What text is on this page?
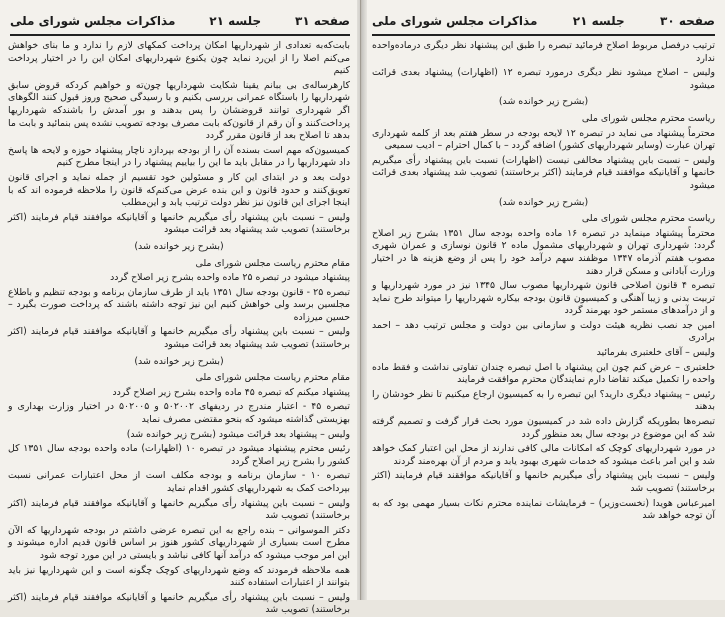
صفحه ۳۱
جلسه ۲۱
مذاکرات مجلس شورای ملی

بابت‌که‌به تعدادی از شهرداریها امکان پرداخت کمکهای لازم را ندارد و ما بنای خواهش می‌کنم اصلا را از این‌رد نماید چون یکنوع شهرداریهای امکان این را در اختیار پرداخت کنیم

کارهرساله‌ی بی ببانم یقینا شکایت شهرداریها چون‌ته و خواهیم کرد‌که قروض سابق شهرداریها را باستگاه عمرانی بررسی بکنیم و با رسیدگی صحیح وروز قبول کنند الگوهای اگر شهرداری توانند قروضشان را پس بدهند و بور آمدش را باشند‌که شهرداریها پرداخت‌کنند و آن رقم از قانون‌که بابت مصرف بودجه تصویب نشده پس بنمائید و بابت ما بدهد تا اصلاح بعد از قانون مقرر گردد

کمیسیون‌که مهم است بسنده آن را از بودجه بپردازد ناچار پیشنهاد حوزه و لایحه ها پاسخ داد شهرداریها را در مقابل باید ما این‌ را بیاییم پیشنهاد را در اینجا مطرح کنیم

دولت بعد و در ابتدای این کار و مسئولین خود تقسیم از جمله نماید و اجرای قانون تعویق‌کنند و حدود قانون و این بنده عرض می‌کنم‌که قانون را ملاحظه فرموده اند که با اینجا اجرای این قانون نیز نظر دولت ترتیب یابد و این‌مطلب

ولیس – نسبت باین پیشنهاد رأی میگیریم خانمها و آقایانیکه موافقند قیام فرمایند (اکثر برخاستند) تصویب شد پیشنهاد بعد قرائت میشود

(بشرح زیر خوانده شد)

مقام محترم ریاست مجلس شورای ملی

پیشنهاد میشود در تبصره ۲۵ ماده واحده بشرح زیر اصلاح گردد

تبصره ۲۵ - قانون بودجه سال ۱۳۵۱ باید از طرف سازمان برنامه و بودجه تنظیم و باطلاع مجلسین برسد ولی خواهش کنیم این نیز توجه داشته باشند که پرداخت صورت بگیرد – حسین میرزاده

ولیس – نسبت باین پیشنهاد رأی میگیریم خانمها و آقایانیکه موافقند قیام فرمایند (اکثر برخاستند) تصویب شد پیشنهاد بعد قرائت میشود

(بشرح زیر خوانده شد)

مقام محترم ریاست مجلس شورای ملی

پیشنهاد میکنم که تبصره ۴۵ ماده واحده بشرح زیر اصلاح گردد

تبصره ۴۵ - اعتبار مندرج در ردیفهای ۵۰۲۰۰۲ و ۵۰۲۰۰۵ در اختیار وزارت بهداری و بهزیستی گذاشته میشود که بنحو مقتضی مصرف نماید

ولیس – پیشنهاد بعد قرائت میشود (بشرح زیر خوانده شد)

رئیس محترم پیشنهاد میشود در تبصره ۱۰ (اظهارات) ماده واحده بودجه سال ۱۳۵۱ کل کشور را بشرح زیر اصلاح گردد

تبصره ۱۰ - سازمان برنامه و بودجه مکلف است از محل اعتبارات عمرانی نسبت بپرداخت کمک به شهرداریهای کشور اقدام نماید

ولیس – نسبت باین پیشنهاد رأی میگیریم خانمها و آقایانیکه موافقند قیام فرمایند (اکثر برخاستند) تصویب شد

دکتر الموسوانی – بنده راجع به این تبصره عرضی داشتم در بودجه شهرداریها که الآن مطرح است بسیاری از شهرداریهای کشور هنوز بر اساس قانون قدیم اداره میشوند و این امر موجب میشود که درآمد آنها کافی نباشد و بایستی در این مورد توجه شود

همه ملاحظه فرمودند که وضع شهرداریهای کوچک چگونه است و این شهرداریها نیز باید بتوانند از اعتبارات استفاده کنند

ولیس – نسبت باین پیشنهاد رأی میگیریم خانمها و آقایانیکه موافقند قیام فرمایند (اکثر برخاستند) تصویب شد

صفحه ۳۰
جلسه ۲۱
مذاکرات مجلس شورای ملی

ترتیب درفصل مربوط اصلاح فرمائید تبصره را طبق این پیشنهاد نظر دیگری درماده‌واحده ندارد

ولیس – اصلاح میشود نظر دیگری درمورد تبصره ۱۲ (اظهارات) پیشنهاد بعدی قرائت میشود

(بشرح زیر خوانده شد)

ریاست محترم مجلس شورای ملی

محترماً پیشنهاد می نماید در تبصره ۱۲ لایحه بودجه در سطر هفتم بعد از کلمه شهرداری تهران عبارت (وسایر شهرداریهای کشور) اضافه گردد – با کمال احترام – ادیب سمیعی

ولیس – نسبت باین پیشنهاد مخالفی نیست (اظهارات) نسبت باین پیشنهاد رأی میگیریم خانمها و آقایانیکه موافقند قیام فرمایند (اکثر برخاستند) تصویب شد پیشنهاد بعدی قرائت میشود

(بشرح زیر خوانده شد)

ریاست محترم مجلس شورای ملی

محترماً پیشنهاد مینماید در تبصره ۱۶ ماده واحده بودجه سال ۱۳۵۱ بشرح زیر اصلاح گردد: شهرداری تهران و شهرداریهای مشمول ماده ۲ قانون نوسازی و عمران شهری مصوب هفتم آذرماه ۱۳۴۷ موظفند سهم درآمد خود را پس از وضع هزینه ها در اختیار وزارت آبادانی و مسکن قرار دهند

تبصره ۴ قانون اصلاحی قانون شهرداریها مصوب سال ۱۳۴۵ نیز در مورد شهرداریها و تربیت بدنی و زیبا آهنگی و کمیسیون قانون بودجه بیکاره شهرداریها را میتواند طرح نماید و از درآمدهای مستمر خود بهرمند گردد

امین جد نصب نظریه هیئت دولت و سازمانی بین دولت و مجلس ترتیب دهد – احمد برادری

ولیس – آقای خلعتبری بفرمائید

خلعتبری – عرض کنم چون این پیشنهاد با اصل تبصره چندان تفاوتی نداشت و فقط ماده واحده را تکمیل میکند تقاضا دارم نمایندگان محترم موافقت فرمایند

رئیس – پیشنهاد دیگری دارید؟ این تبصره را به کمیسیون ارجاع میکنیم تا نظر خودشان را بدهند

تبصره‌ها بطوریکه گزارش داده شد در کمیسیون مورد بحث قرار گرفت و تصمیم گرفته شد که این موضوع در بودجه سال بعد منظور گردد

در مورد شهرداریهای کوچک که امکانات مالی کافی ندارند از محل این اعتبار کمک خواهد شد و این امر باعث میشود که خدمات شهری بهبود یابد و مردم از آن بهره‌مند گردند

ولیس – نسبت باین پیشنهاد رأی میگیریم خانمها و آقایانیکه موافقند قیام فرمایند (اکثر برخاستند) تصویب شد

امیرعباس هویدا (نخست‌وزیر) – فرمایشات نماینده محترم نکات بسیار مهمی بود که به آن توجه خواهد شد
